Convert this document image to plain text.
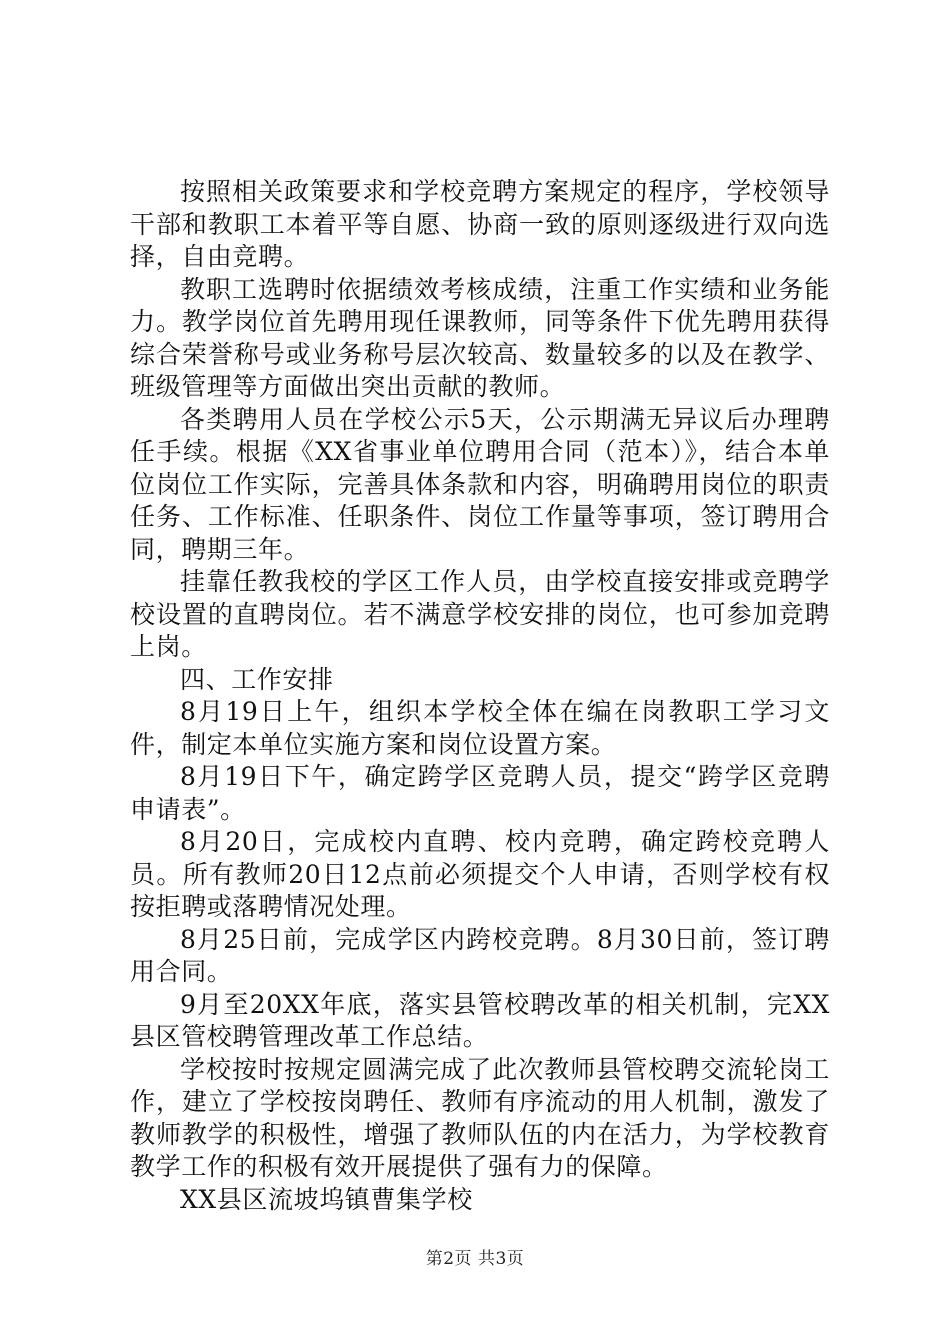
按照相关政策要求和学校竞聘方案规定的程序，学校领导干部和教职工本着平等自愿、协商一致的原则逐级进行双向选择，自由竞聘。

教职工选聘时依据绩效考核成绩，注重工作实绩和业务能力。教学岗位首先聘用现任课教师，同等条件下优先聘用获得综合荣誉称号或业务称号层次较高、数量较多的以及在教学、班级管理等方面做出突出贡献的教师。

各类聘用人员在学校公示5天，公示期满无异议后办理聘任手续。根据《XX省事业单位聘用合同（范本）》，结合本单位岗位工作实际，完善具体条款和内容，明确聘用岗位的职责任务、工作标准、任职条件、岗位工作量等事项，签订聘用合同，聘期三年。

挂靠任教我校的学区工作人员，由学校直接安排或竞聘学校设置的直聘岗位。若不满意学校安排的岗位，也可参加竞聘上岗。

四、工作安排

8月19日上午，组织本学校全体在编在岗教职工学习文件，制定本单位实施方案和岗位设置方案。

8月19日下午，确定跨学区竞聘人员，提交“跨学区竞聘申请表”。

8月20日，完成校内直聘、校内竞聘，确定跨校竞聘人员。所有教师20日12点前必须提交个人申请，否则学校有权按拒聘或落聘情况处理。

8月25日前，完成学区内跨校竞聘。8月30日前，签订聘用合同。

9月至20XX年底，落实县管校聘改革的相关机制，完XX县区管校聘管理改革工作总结。

学校按时按规定圆满完成了此次教师县管校聘交流轮岗工作，建立了学校按岗聘任、教师有序流动的用人机制，激发了教师教学的积极性，增强了教师队伍的内在活力，为学校教育教学工作的积极有效开展提供了强有力的保障。

XX县区流坡坞镇曹集学校

第2页 共3页
